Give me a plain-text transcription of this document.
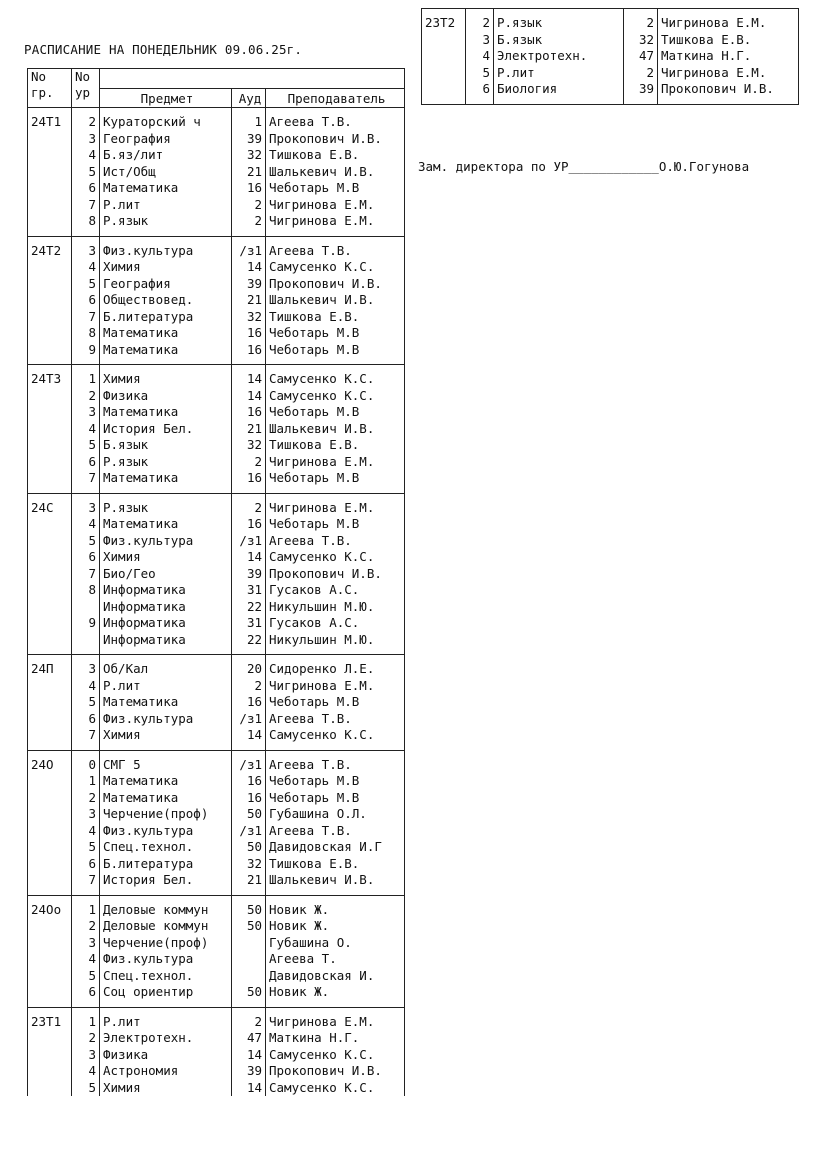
РАСПИСАНИЕ НА ПОНЕДЕЛЬНИК 09.06.25г.
No
гр.	No
ур			
		Предмет	Ауд	Преподаватель
24Т1	2	Кураторский ч	1	Агеева Т.В.
	3	География	39	Прокопович И.В.
	4	Б.яз/лит	32	Тишкова Е.В.
	5	Ист/Общ	21	Шалькевич И.В.
	6	Математика	16	Чеботарь М.В
	7	Р.лит	2	Чигринова Е.М.
	8	Р.язык	2	Чигринова Е.М.
24Т2	3	Физ.культура	/з1	Агеева Т.В.
	4	Химия	14	Самусенко К.С.
	5	География	39	Прокопович И.В.
	6	Обществовед.	21	Шалькевич И.В.
	7	Б.литература	32	Тишкова Е.В.
	8	Математика	16	Чеботарь М.В
	9	Математика	16	Чеботарь М.В
24Т3	1	Химия	14	Самусенко К.С.
	2	Физика	14	Самусенко К.С.
	3	Математика	16	Чеботарь М.В
	4	История Бел.	21	Шалькевич И.В.
	5	Б.язык	32	Тишкова Е.В.
	6	Р.язык	2	Чигринова Е.М.
	7	Математика	16	Чеботарь М.В
24С	3	Р.язык	2	Чигринова Е.М.
	4	Математика	16	Чеботарь М.В
	5	Физ.культура	/з1	Агеева Т.В.
	6	Химия	14	Самусенко К.С.
	7	Био/Гео	39	Прокопович И.В.
	8	Информатика	31	Гусаков А.С.
		Информатика	22	Никульшин М.Ю.
	9	Информатика	31	Гусаков А.С.
		Информатика	22	Никульшин М.Ю.
24П	3	Об/Кал	20	Сидоренко Л.Е.
	4	Р.лит	2	Чигринова Е.М.
	5	Математика	16	Чеботарь М.В
	6	Физ.культура	/з1	Агеева Т.В.
	7	Химия	14	Самусенко К.С.
24О	0	СМГ 5	/з1	Агеева Т.В.
	1	Математика	16	Чеботарь М.В
	2	Математика	16	Чеботарь М.В
	3	Черчение(проф)	50	Губашина О.Л.
	4	Физ.культура	/з1	Агеева Т.В.
	5	Спец.технол.	50	Давидовская И.Г
	6	Б.литература	32	Тишкова Е.В.
	7	История Бел.	21	Шалькевич И.В.
24Оо	1	Деловые коммун	50	Новик Ж.
	2	Деловые коммун	50	Новик Ж.
	3	Черчение(проф)		Губашина О.
	4	Физ.культура		Агеева Т.
	5	Спец.технол.		Давидовская И.
	6	Соц ориентир	50	Новик Ж.
23Т1	1	Р.лит	2	Чигринова Е.М.
	2	Электротехн.	47	Маткина Н.Г.
	3	Физика	14	Самусенко К.С.
	4	Астрономия	39	Прокопович И.В.
	5	Химия	14	Самусенко К.С.
23Т2	2	Р.язык	2	Чигринова Е.М.
	3	Б.язык	32	Тишкова Е.В.
	4	Электротехн.	47	Маткина Н.Г.
	5	Р.лит	2	Чигринова Е.М.
	6	Биология	39	Прокопович И.В.
Зам. директора по УР____________О.Ю.Гогунова
